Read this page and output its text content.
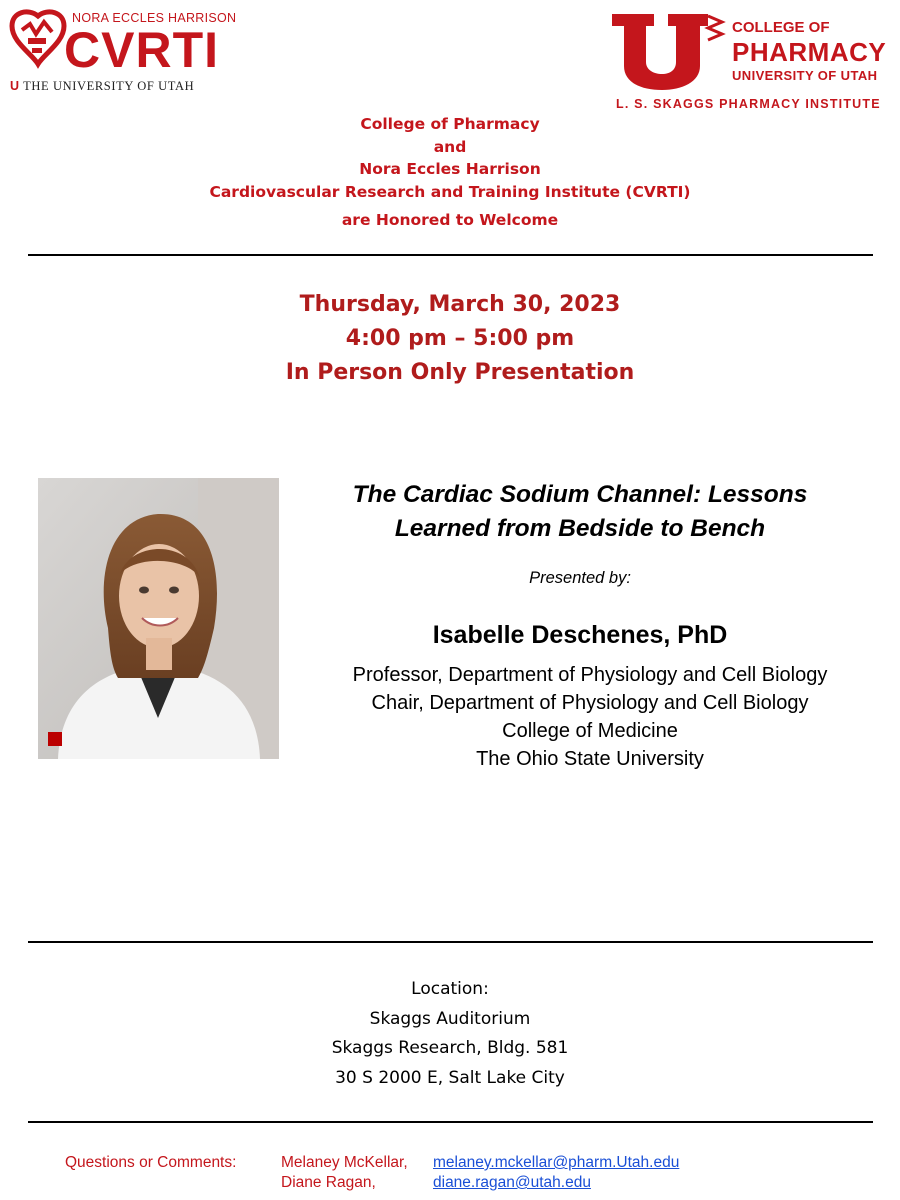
NORA ECCLES HARRISON
CVRTI
U THE UNIVERSITY OF UTAH
COLLEGE OF
PHARMACY
UNIVERSITY OF UTAH
L. S. SKAGGS PHARMACY INSTITUTE
College of Pharmacy
and
Nora Eccles Harrison
Cardiovascular Research and Training Institute (CVRTI)
are Honored to Welcome
Thursday, March 30, 2023
4:00 pm – 5:00 pm
In Person Only Presentation
The Cardiac Sodium Channel: Lessons
Learned from Bedside to Bench
Presented by:
Isabelle Deschenes, PhD
Professor, Department of Physiology and Cell Biology
Chair, Department of Physiology and Cell Biology
College of Medicine
The Ohio State University
Location:
Skaggs Auditorium
Skaggs Research, Bldg. 581
30 S 2000 E, Salt Lake City
Questions or Comments:	Melaney McKellar, melaney.mckellar@pharm.Utah.edu
Diane Ragan,	diane.ragan@utah.edu
